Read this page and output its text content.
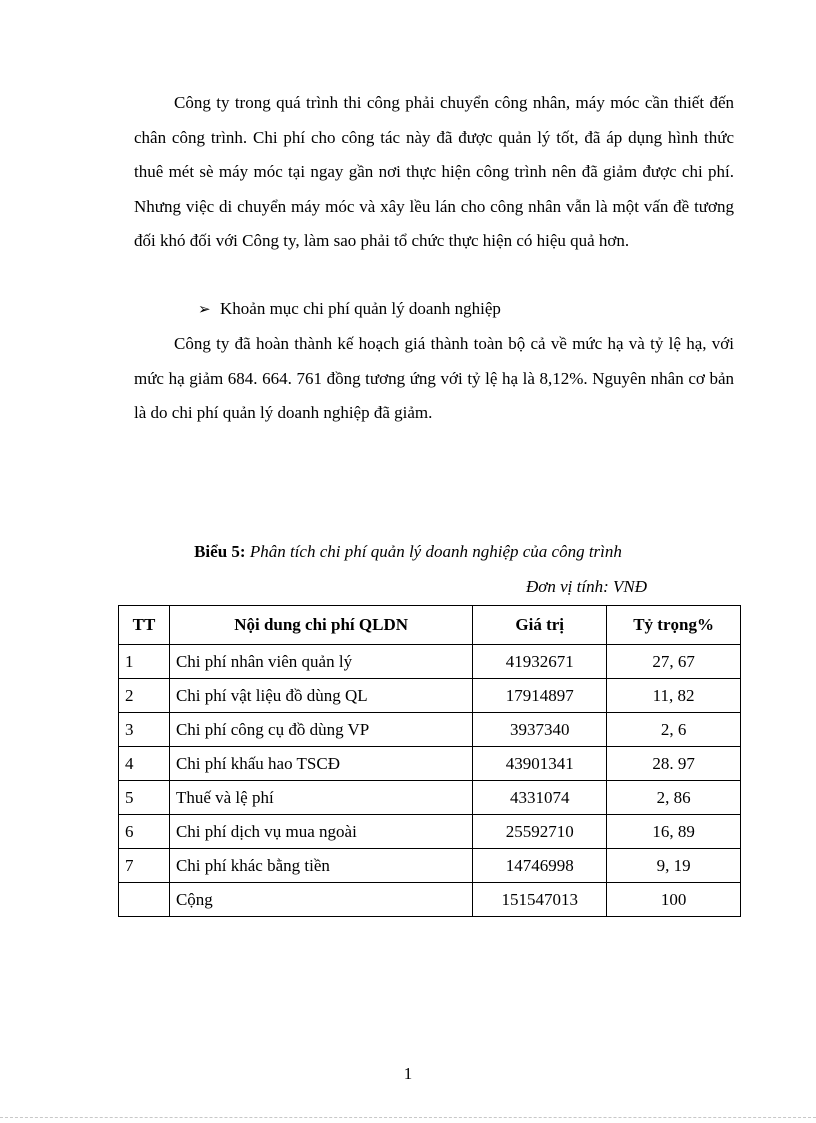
Công ty trong quá trình thi công phải chuyển công nhân, máy móc cần thiết đến chân công trình. Chi phí cho công tác này đã được quản lý tốt, đã áp dụng hình thức thuê mét sè máy móc tại ngay gần nơi thực hiện công trình nên đã giảm được chi phí. Nhưng việc di chuyển máy móc và xây lều lán cho công nhân vẫn là một vấn đề tương đối khó đối với Công ty, làm sao phải tổ chức thực hiện có hiệu quả hơn.

➢ Khoản mục chi phí quản lý doanh nghiệp

Công ty đã hoàn thành kế hoạch giá thành toàn bộ cả về mức hạ và tỷ lệ hạ, với mức hạ giảm 684. 664. 761 đồng tương ứng với tỷ lệ hạ là 8,12%. Nguyên nhân cơ bản là do chi phí quản lý doanh nghiệp đã giảm.

Biểu 5: Phân tích chi phí quản lý doanh nghiệp của công trình
Đơn vị tính: VNĐ
TT	Nội dung chi phí QLDN	Giá trị	Tỷ trọng%
1	Chi phí nhân viên quản lý	41932671	27, 67
2	Chi phí vật liệu đồ dùng QL	17914897	11, 82
3	Chi phí công cụ đồ dùng VP	3937340	2, 6
4	Chi phí khấu hao TSCĐ	43901341	28. 97
5	Thuế và lệ phí	4331074	2, 86
6	Chi phí dịch vụ mua ngoài	25592710	16, 89
7	Chi phí khác bằng tiền	14746998	9, 19
	Cộng	151547013	100
1
